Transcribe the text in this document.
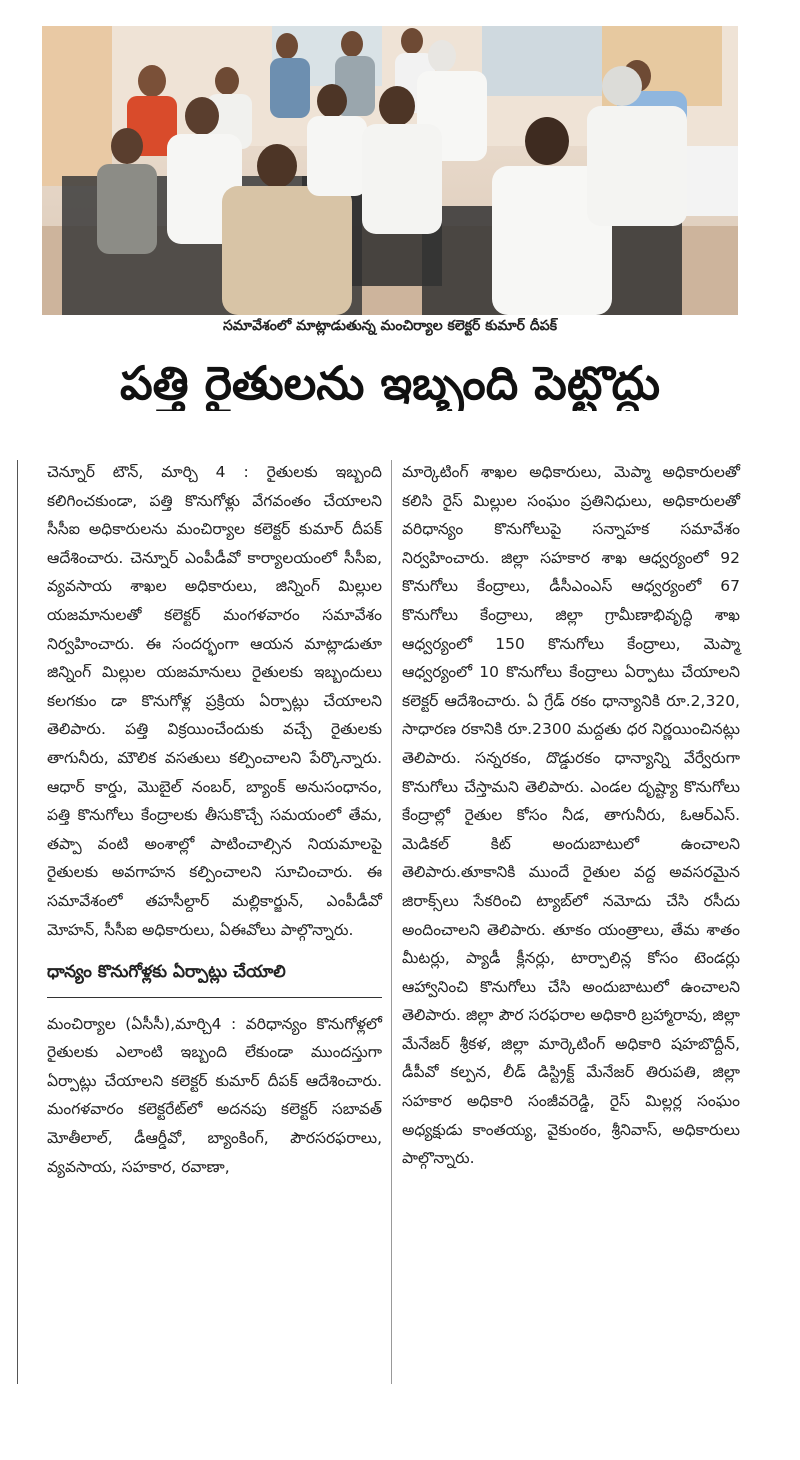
సమావేశంలో మాట్లాడుతున్న మంచిర్యాల కలెక్టర్ కుమార్ దీపక్
పత్తి రైతులను ఇబ్బంది పెట్టొద్దు

చెన్నూర్ టౌన్, మార్చి 4 : రైతులకు ఇబ్బంది కలిగించకుండా, పత్తి కొనుగోళ్లు వేగవంతం చేయాలని సీసీఐ అధికారులను మంచిర్యాల కలెక్టర్ కుమార్ దీపక్ ఆదేశించారు. చెన్నూర్ ఎంపీడీవో కార్యాలయంలో సీసీఐ, వ్యవసాయ శాఖల అధికారులు, జిన్నింగ్ మిల్లుల యజమానులతో కలెక్టర్ మంగళవారం సమావేశం నిర్వహించారు. ఈ సందర్భంగా ఆయన మాట్లాడుతూ జిన్నింగ్ మిల్లుల యజమానులు రైతులకు ఇబ్బందులు కలగకుం డా కొనుగోళ్ల ప్రక్రియ ఏర్పాట్లు చేయాలని తెలిపారు. పత్తి విక్రయించేందుకు వచ్చే రైతులకు తాగునీరు, మౌలిక వసతులు కల్పించాలని పేర్కొన్నారు. ఆధార్ కార్డు, మొబైల్ నంబర్, బ్యాంక్ అనుసంధానం, పత్తి కొనుగోలు కేంద్రాలకు తీసుకొచ్చే సమయంలో తేమ, తప్పా వంటి అంశాల్లో పాటించాల్సిన నియమాలపై రైతులకు అవగాహన కల్పించాలని సూచించారు. ఈ సమావేశంలో తహసీల్దార్ మల్లికార్జున్, ఎంపీడీవో మోహన్, సీసీఐ అధికారులు, ఏఈవోలు పాల్గొన్నారు.

ధాన్యం కొనుగోళ్లకు ఏర్పాట్లు చేయాలి

మంచిర్యాల (ఏసీసీ),మార్చి4 : వరిధాన్యం కొనుగోళ్లలో రైతులకు ఎలాంటి ఇబ్బంది లేకుండా ముందస్తుగా ఏర్పాట్లు చేయాలని కలెక్టర్ కుమార్ దీపక్ ఆదేశించారు. మంగళవారం కలెక్టరేట్‌లో అదనపు కలెక్టర్ సబావత్ మోతీలాల్, డీఆర్డీవో, బ్యాంకింగ్, పౌరసరఫరాలు, వ్యవసాయ, సహకార, రవాణా,

మార్కెటింగ్ శాఖల అధికారులు, మెప్మా అధికారులతో కలిసి రైస్ మిల్లుల సంఘం ప్రతినిధులు, అధికారులతో వరిధాన్యం కొనుగోలుపై సన్నాహక సమావేశం నిర్వహించారు. జిల్లా సహకార శాఖ ఆధ్వర్యంలో 92 కొనుగోలు కేంద్రాలు, డీసీఎంఎస్ ఆధ్వర్యంలో 67 కొనుగోలు కేంద్రాలు, జిల్లా గ్రామీణాభివృద్ధి శాఖ ఆధ్వర్యంలో 150 కొనుగోలు కేంద్రాలు, మెప్మా ఆధ్వర్యంలో 10 కొనుగోలు కేంద్రాలు ఏర్పాటు చేయాలని కలెక్టర్ ఆదేశించారు. ఏ గ్రేడ్ రకం ధాన్యానికి రూ.2,320, సాధారణ రకానికి రూ.2300 మద్దతు ధర నిర్ణయించినట్లు తెలిపారు. సన్నరకం, దొడ్డురకం ధాన్యాన్ని వేర్వేరుగా కొనుగోలు చేస్తామని తెలిపారు. ఎండల దృష్ట్యా కొనుగోలు కేంద్రాల్లో రైతుల కోసం నీడ, తాగునీరు, ఓఆర్ఎస్. మెడికల్ కిట్ అందుబాటులో ఉంచాలని తెలిపారు.తూకానికి ముందే రైతుల వద్ద అవసరమైన జిరాక్స్‌లు సేకరించి ట్యాబ్‌లో నమోదు చేసి రసీదు అందించాలని తెలిపారు. తూకం యంత్రాలు, తేమ శాతం మీటర్లు, ప్యాడీ క్లీనర్లు, టార్పాలిన్ల కోసం టెండర్లు ఆహ్వానించి కొనుగోలు చేసి అందుబాటులో ఉంచాలని తెలిపారు. జిల్లా పౌర సరఫరాల అధికారి బ్రహ్మారావు, జిల్లా మేనేజర్ శ్రీకళ, జిల్లా మార్కెటింగ్ అధికారి షహబొద్దీన్, డీపీవో కల్పన, లీడ్ డిస్ట్రిక్ట్ మేనేజర్ తిరుపతి, జిల్లా సహకార అధికారి సంజీవరెడ్డి, రైస్ మిల్లర్ల సంఘం అధ్యక్షుడు కాంతయ్య, వైకుంఠం, శ్రీనివాస్, అధికారులు పాల్గొన్నారు.
